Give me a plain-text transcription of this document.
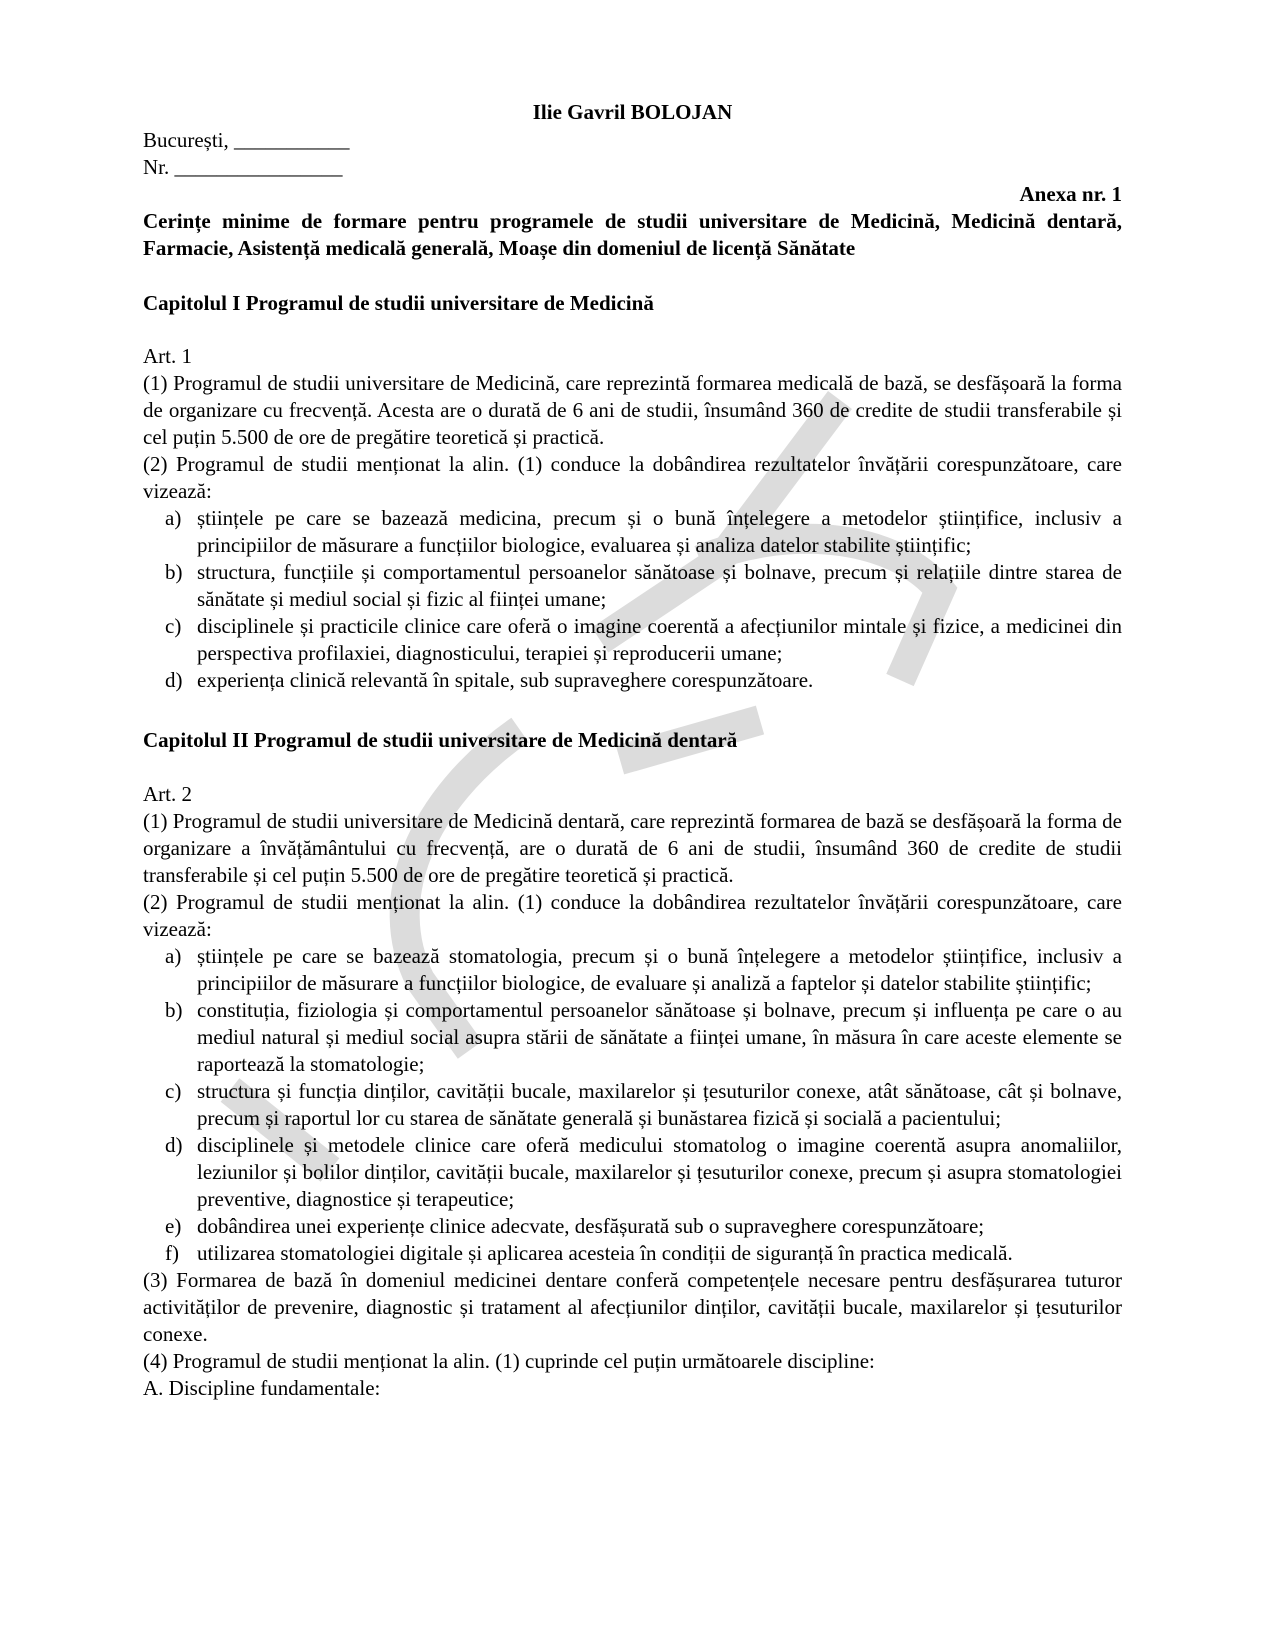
Ilie Gavril BOLOJAN

București, ___________

Nr. ________________

Anexa nr. 1

Cerințe minime de formare pentru programele de studii universitare de Medicină, Medicină dentară, Farmacie, Asistență medicală generală, Moașe din domeniul de licență Sănătate

Capitolul I Programul de studii universitare de Medicină

Art. 1

(1) Programul de studii universitare de Medicină, care reprezintă formarea medicală de bază, se desfășoară la forma de organizare cu frecvență. Acesta are o durată de 6 ani de studii, însumând 360 de credite de studii transferabile și cel puțin 5.500 de ore de pregătire teoretică și practică.

(2) Programul de studii menționat la alin. (1) conduce la dobândirea rezultatelor învățării corespunzătoare, care vizează:

a) științele pe care se bazează medicina, precum și o bună înțelegere a metodelor științifice, inclusiv a principiilor de măsurare a funcțiilor biologice, evaluarea și analiza datelor stabilite științific;
b) structura, funcțiile și comportamentul persoanelor sănătoase și bolnave, precum și relațiile dintre starea de sănătate și mediul social și fizic al ființei umane;
c) disciplinele și practicile clinice care oferă o imagine coerentă a afecțiunilor mintale și fizice, a medicinei din perspectiva profilaxiei, diagnosticului, terapiei și reproducerii umane;
d) experiența clinică relevantă în spitale, sub supraveghere corespunzătoare.

Capitolul II Programul de studii universitare de Medicină dentară

Art. 2

(1) Programul de studii universitare de Medicină dentară, care reprezintă formarea de bază se desfășoară la forma de organizare a învățământului cu frecvență, are o durată de 6 ani de studii, însumând 360 de credite de studii transferabile și cel puțin 5.500 de ore de pregătire teoretică și practică.

(2) Programul de studii menționat la alin. (1) conduce la dobândirea rezultatelor învățării corespunzătoare, care vizează:

a) științele pe care se bazează stomatologia, precum și o bună înțelegere a metodelor științifice, inclusiv a principiilor de măsurare a funcțiilor biologice, de evaluare și analiză a faptelor și datelor stabilite științific;
b) constituția, fiziologia și comportamentul persoanelor sănătoase și bolnave, precum și influența pe care o au mediul natural și mediul social asupra stării de sănătate a ființei umane, în măsura în care aceste elemente se raportează la stomatologie;
c) structura și funcția dinților, cavității bucale, maxilarelor și țesuturilor conexe, atât sănătoase, cât și bolnave, precum și raportul lor cu starea de sănătate generală și bunăstarea fizică și socială a pacientului;
d) disciplinele și metodele clinice care oferă medicului stomatolog o imagine coerentă asupra anomaliilor, leziunilor și bolilor dinților, cavității bucale, maxilarelor și țesuturilor conexe, precum și asupra stomatologiei preventive, diagnostice și terapeutice;
e) dobândirea unei experiențe clinice adecvate, desfășurată sub o supraveghere corespunzătoare;
f) utilizarea stomatologiei digitale și aplicarea acesteia în condiții de siguranță în practica medicală.

(3) Formarea de bază în domeniul medicinei dentare conferă competențele necesare pentru desfășurarea tuturor activităților de prevenire, diagnostic și tratament al afecțiunilor dinților, cavității bucale, maxilarelor și țesuturilor conexe.

(4) Programul de studii menționat la alin. (1) cuprinde cel puțin următoarele discipline:

A. Discipline fundamentale:
